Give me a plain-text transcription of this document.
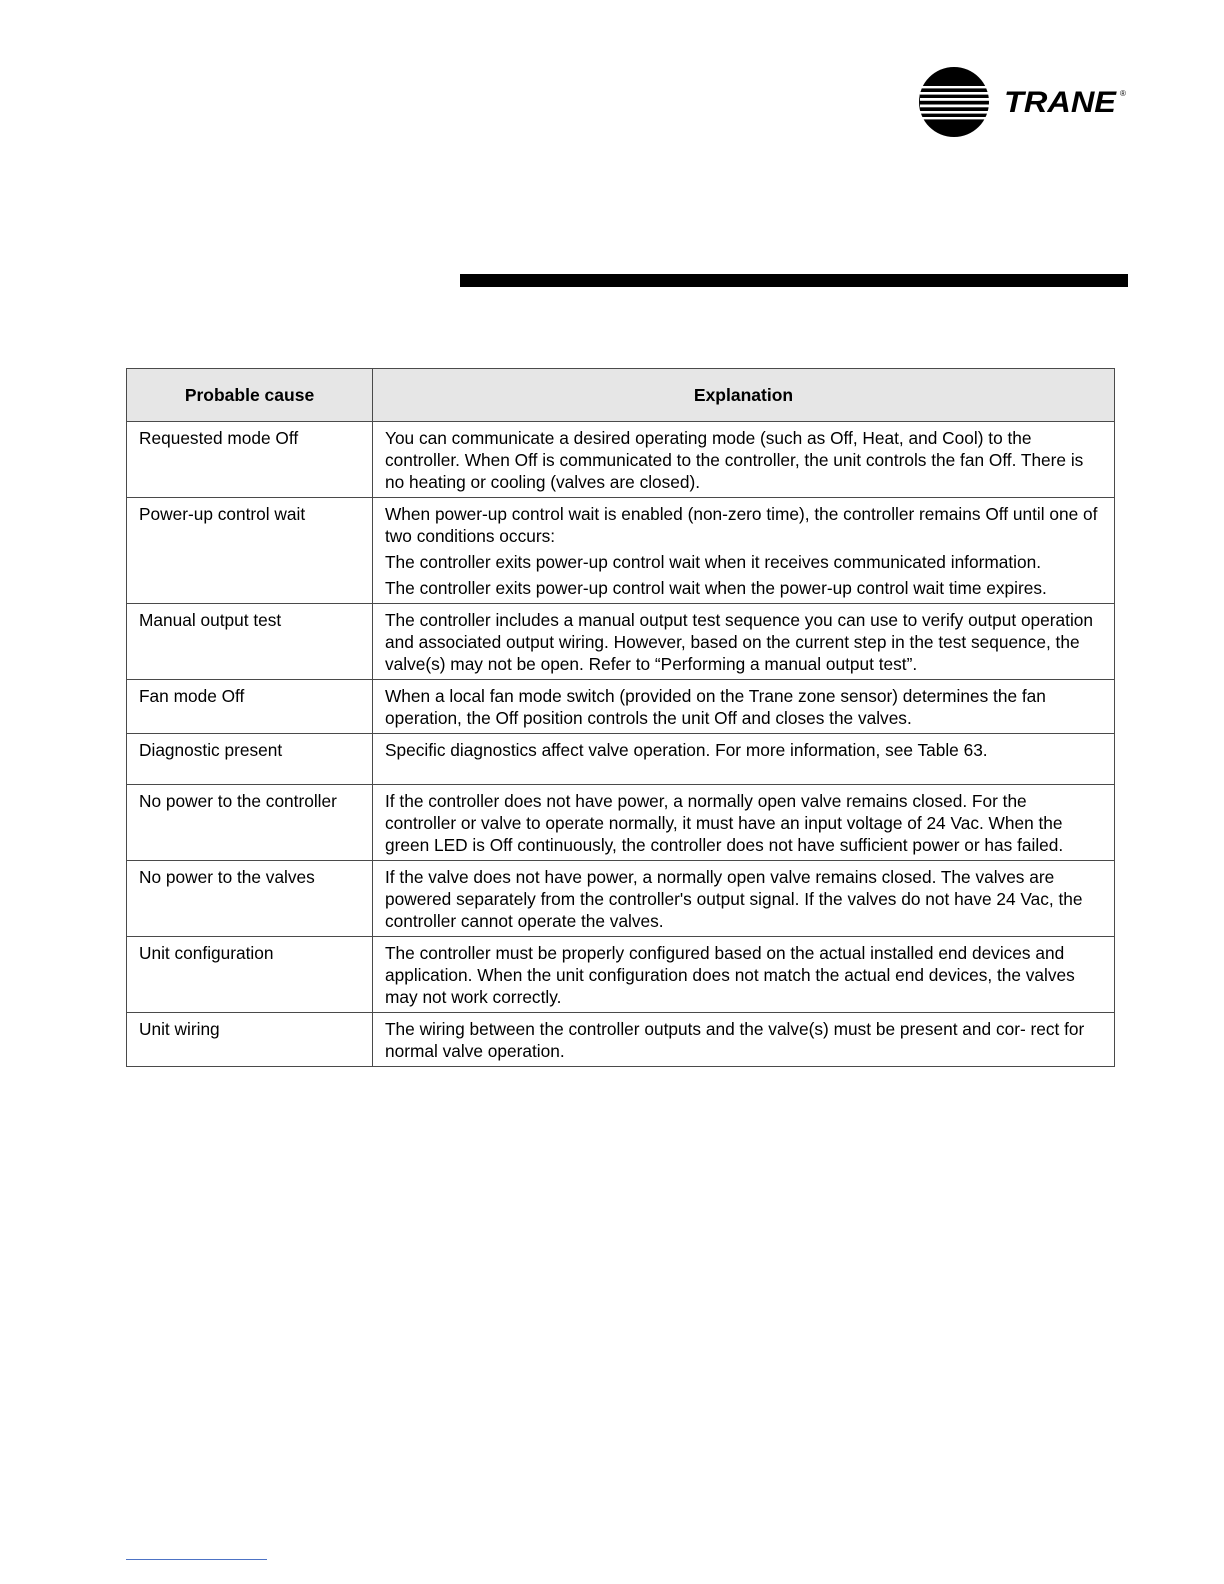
TRANE ®
Probable cause	Explanation
Requested mode Off	You can communicate a desired operating mode (such as Off, Heat, and Cool) to the controller. When Off is communicated to the controller, the unit controls the fan Off. There is no heating or cooling (valves are closed).

Power-up control wait	When power-up control wait is enabled (non-zero time), the controller remains Off until one of two conditions occurs:

The controller exits power-up control wait when it receives communicated information.

The controller exits power-up control wait when the power-up control wait time expires.

Manual output test	The controller includes a manual output test sequence you can use to verify output operation and associated output wiring. However, based on the current step in the test sequence, the valve(s) may not be open. Refer to “Performing a manual output test”.

Fan mode Off	When a local fan mode switch (provided on the Trane zone sensor) determines the fan operation, the Off position controls the unit Off and closes the valves.

Diagnostic present	Specific diagnostics affect valve operation. For more information, see Table 63.

No power to the controller	If the controller does not have power, a normally open valve remains closed. For the controller or valve to operate normally, it must have an input voltage of 24 Vac. When the green LED is Off continuously, the controller does not have sufficient power or has failed.

No power to the valves	If the valve does not have power, a normally open valve remains closed. The valves are powered separately from the controller's output signal. If the valves do not have 24 Vac, the controller cannot operate the valves.

Unit configuration	The controller must be properly configured based on the actual installed end devices and application. When the unit configuration does not match the actual end devices, the valves may not work correctly.

Unit wiring	The wiring between the controller outputs and the valve(s) must be present and cor- rect for normal valve operation.
